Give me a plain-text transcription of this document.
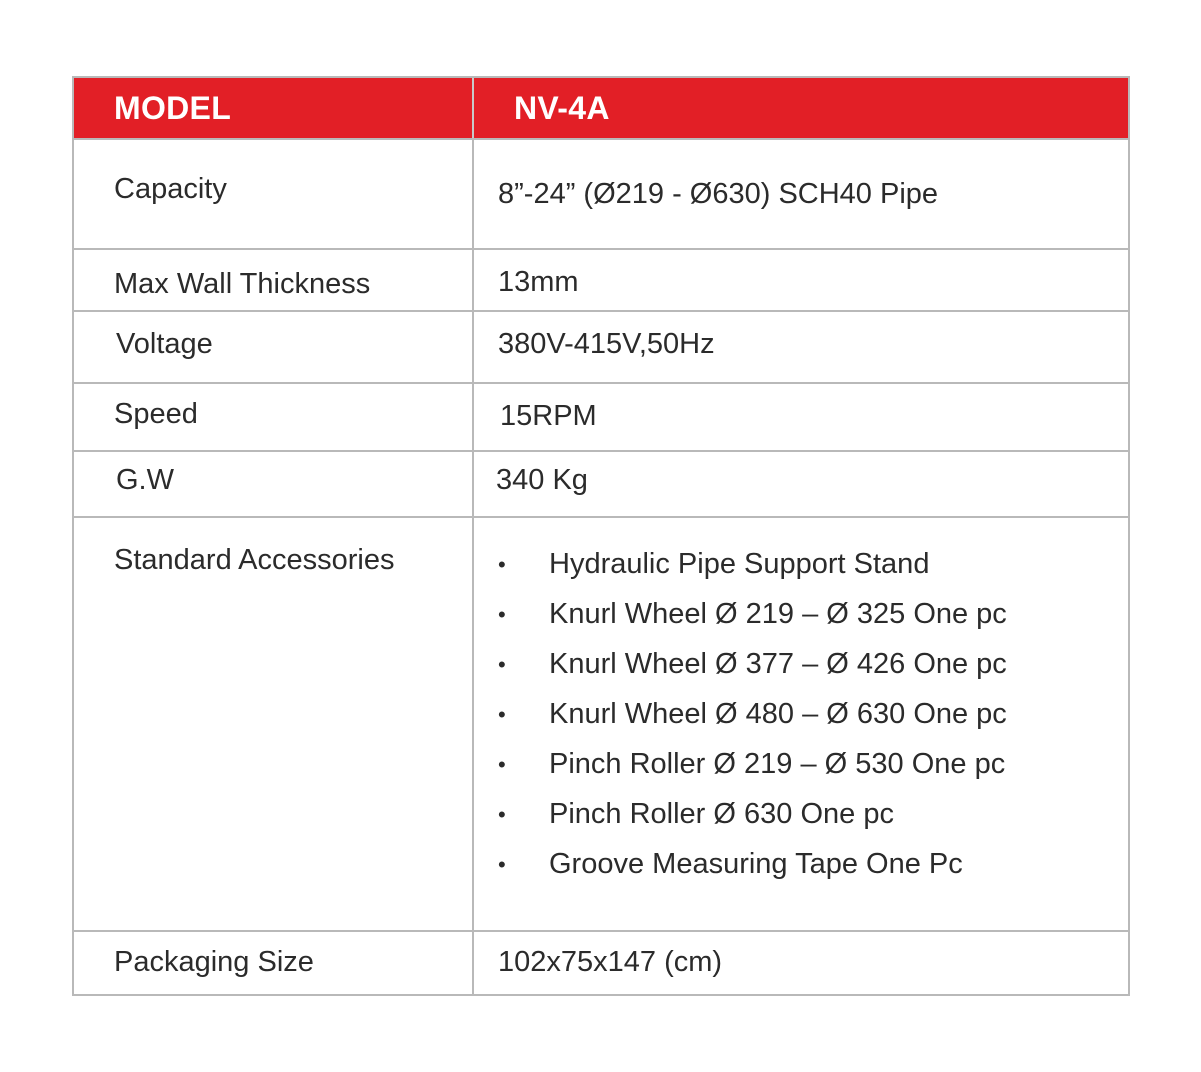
MODEL	NV-4A
Capacity	8”-24” (Ø219 - Ø630) SCH40 Pipe
Max Wall Thickness	13mm
Voltage	380V-415V,50Hz
Speed	15RPM
G.W	340 Kg
Standard Accessories	• Hydraulic Pipe Support Stand
• Knurl Wheel Ø 219 – Ø 325 One pc
• Knurl Wheel Ø 377 – Ø 426 One pc
• Knurl Wheel Ø 480 – Ø 630 One pc
• Pinch Roller Ø 219 – Ø 530 One pc
• Pinch Roller Ø 630 One pc
• Groove Measuring Tape One Pc
Packaging Size	102x75x147 (cm)
